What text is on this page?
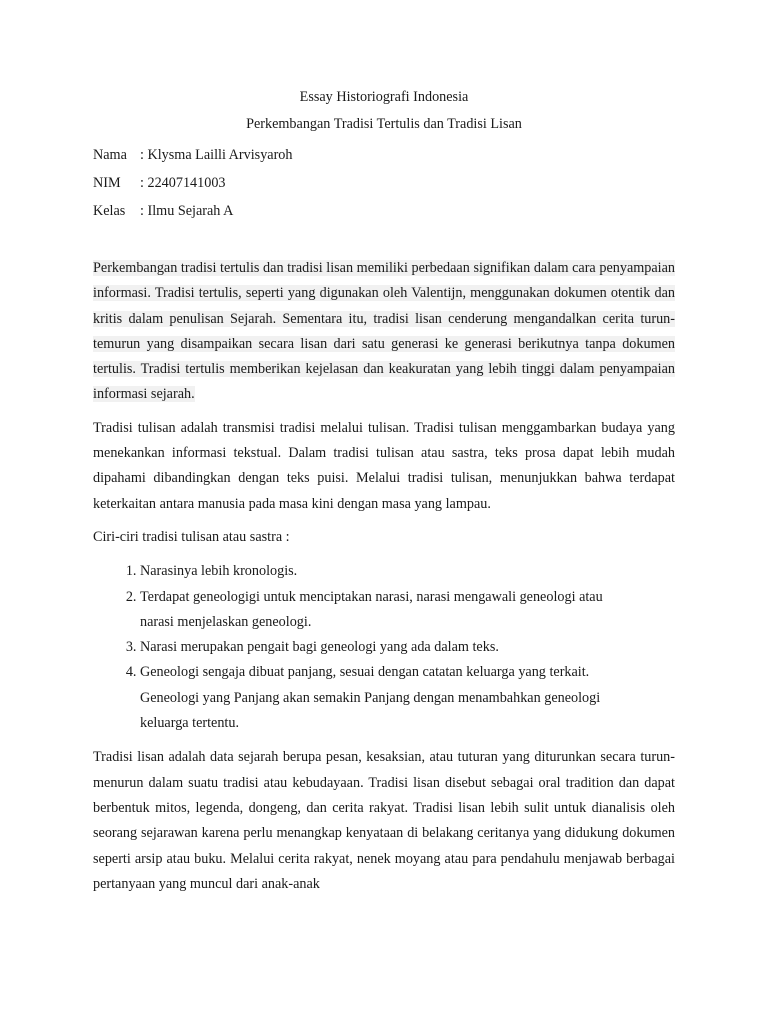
Essay Historiografi Indonesia

Perkembangan Tradisi Tertulis dan Tradisi Lisan

Nama : Klysma Lailli Arvisyaroh
NIM	: 22407141003
Kelas	: Ilmu Sejarah A

Perkembangan tradisi tertulis dan tradisi lisan memiliki perbedaan signifikan dalam cara penyampaian informasi. Tradisi tertulis, seperti yang digunakan oleh Valentijn, menggunakan dokumen otentik dan kritis dalam penulisan Sejarah. Sementara itu, tradisi lisan cenderung mengandalkan cerita turun-temurun yang disampaikan secara lisan dari satu generasi ke generasi berikutnya tanpa dokumen tertulis. Tradisi tertulis memberikan kejelasan dan keakuratan yang lebih tinggi dalam penyampaian informasi sejarah.

Tradisi tulisan adalah transmisi tradisi melalui tulisan. Tradisi tulisan menggambarkan budaya yang menekankan informasi tekstual. Dalam tradisi tulisan atau sastra, teks prosa dapat lebih mudah dipahami dibandingkan dengan teks puisi. Melalui tradisi tulisan, menunjukkan bahwa terdapat keterkaitan antara manusia pada masa kini dengan masa yang lampau.

Ciri-ciri tradisi tulisan atau sastra :

1. Narasinya lebih kronologis.
2. Terdapat geneologigi untuk menciptakan narasi, narasi mengawali geneologi atau narasi menjelaskan geneologi.
3. Narasi merupakan pengait bagi geneologi yang ada dalam teks.
4. Geneologi sengaja dibuat panjang, sesuai dengan catatan keluarga yang terkait. Geneologi yang Panjang akan semakin Panjang dengan menambahkan geneologi keluarga tertentu.

Tradisi lisan adalah data sejarah berupa pesan, kesaksian, atau tuturan yang diturunkan secara turun-menurun dalam suatu tradisi atau kebudayaan. Tradisi lisan disebut sebagai oral tradition dan dapat berbentuk mitos, legenda, dongeng, dan cerita rakyat. Tradisi lisan lebih sulit untuk dianalisis oleh seorang sejarawan karena perlu menangkap kenyataan di belakang ceritanya yang didukung dokumen seperti arsip atau buku. Melalui cerita rakyat, nenek moyang atau para pendahulu menjawab berbagai pertanyaan yang muncul dari anak-anak
